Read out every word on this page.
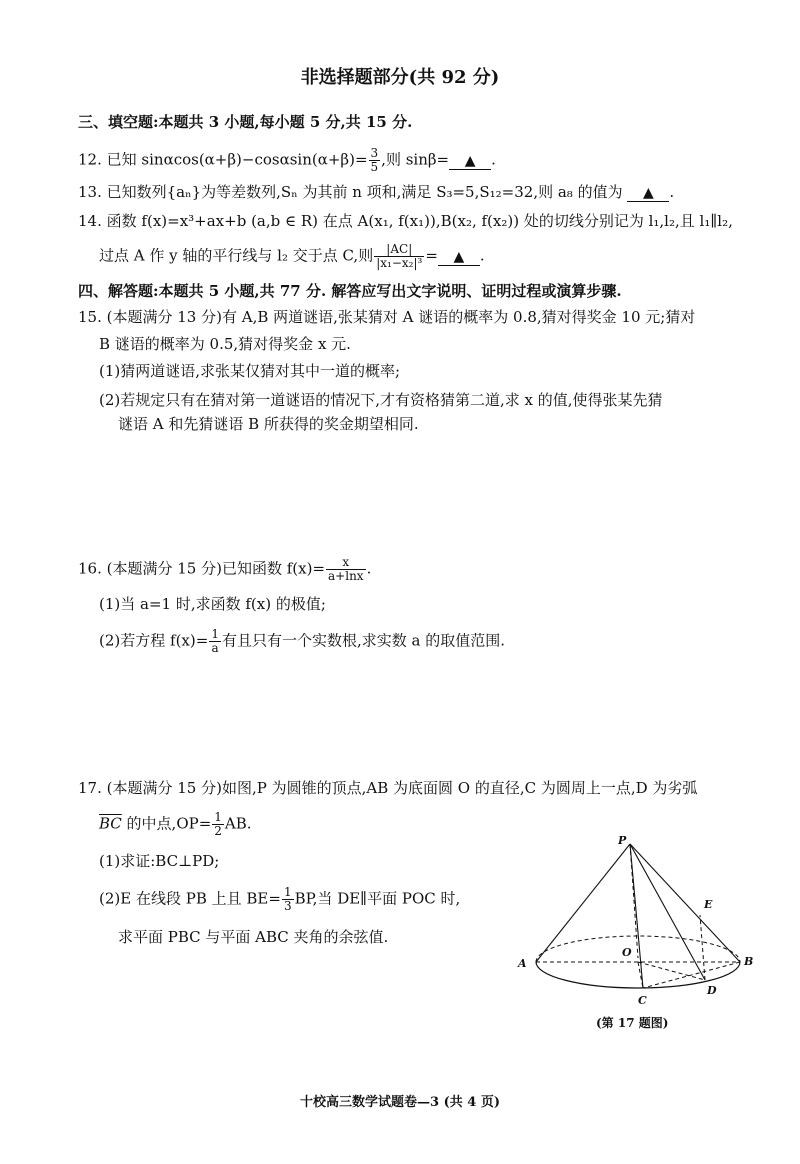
非选择题部分(共 92 分)
三、填空题:本题共 3 小题,每小题 5 分,共 15 分.
12. 已知 $\sin\alpha\cos(\alpha+\beta)-\cos\alpha\sin(\alpha+\beta)= \frac{3}{5}$ ,则 sinβ= ▲ .
13. 已知数列{aₙ}为等差数列,Sₙ 为其前 n 项和,满足 S₃=5,S₁₂=32,则 a₈ 的值为 ▲ .
14. 函数 f(x)=x³+ax+b (a,b ∈ R) 在点 A(x₁, f(x₁)),B(x₂, f(x₂)) 处的切线分别记为 l₁,l₂,且 l₁∥l₂,
过点 A 作 y 轴的平行线与 l₂ 交于点 C,则 $\frac{|AC|}{\text{|x₁−x₂|³}}$ = ▲ .
四、解答题:本题共 5 小题,共 77 分. 解答应写出文字说明、证明过程或演算步骤.
15. (本题满分 13 分)有 A,B 两道谜语,张某猜对 A 谜语的概率为 0.8,猜对得奖金 10 元;猜对
B 谜语的概率为 0.5,猜对得奖金 x 元.
(1)猜两道谜语,求张某仅猜对其中一道的概率;
(2)若规定只有在猜对第一道谜语的情况下,才有资格猜第二道,求 x 的值,使得张某先猜
谜语 A 和先猜谜语 B 所获得的奖金期望相同.
16. (本题满分 15 分)已知函数 $f(x)= \frac{x}{a+\ln x}$ .
(1)当 a=1 时,求函数 f(x) 的极值;
(2)若方程 $f(x)= \frac{1}{a}$ 有且只有一个实数根,求实数 a 的取值范围.
17. (本题满分 15 分)如图,P 为圆锥的顶点,AB 为底面圆 O 的直径,C 为圆周上一点,D 为劣弧
$\overline{BC}$ 的中点$,OP= \frac{1}{2}$ AB.
(1)求证:BC⊥PD;
(2)E 在线段 PB 上且 $BE= \frac{1}{3}$ BP,当 DE∥平面 POC 时,
求平面 PBC 与平面 ABC 夹角的余弦值.
P
E
O
A	B
C
D
(第 17 题图)
十校高三数学试题卷—3 (共 4 页)
